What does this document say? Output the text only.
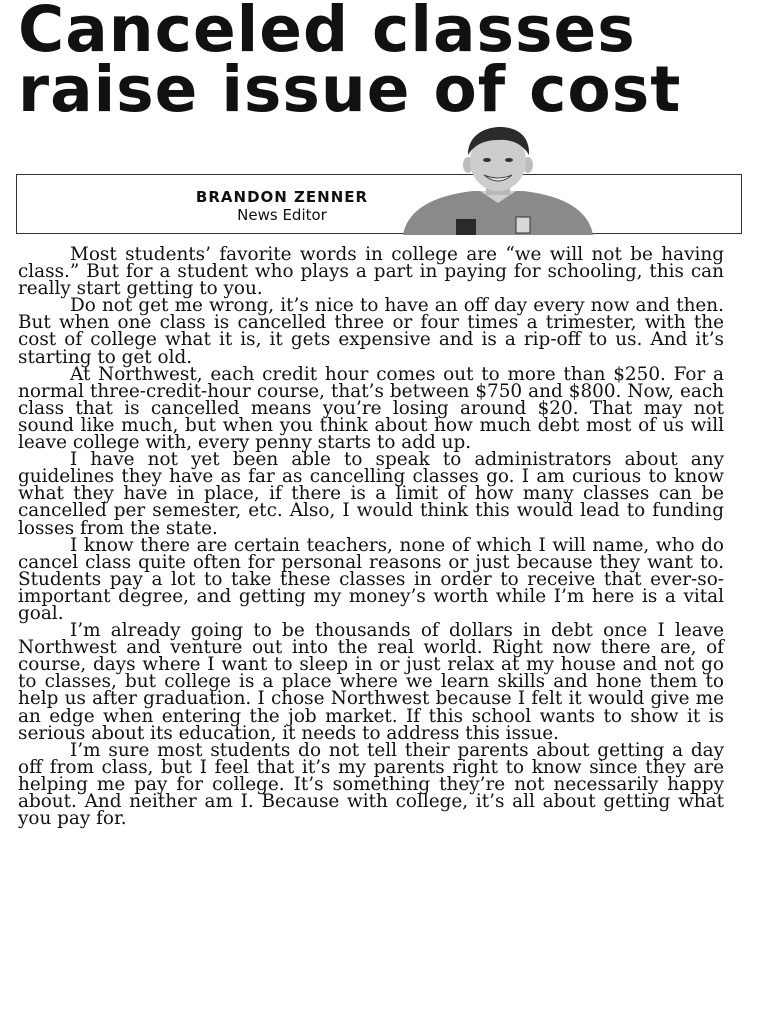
Canceled classes
raise issue of cost
BRANDON ZENNER
News Editor

Most students’ favorite words in college are “we will not be having class.” But for a student who plays a part in paying for schooling, this can really start getting to you.

Do not get me wrong, it’s nice to have an off day every now and then. But when one class is cancelled three or four times a trimester, with the cost of college what it is, it gets expensive and is a rip-off to us. And it’s starting to get old.

At Northwest, each credit hour comes out to more than $250. For a normal three-credit-hour course, that’s between $750 and $800. Now, each class that is cancelled means you’re losing around $20. That may not sound like much, but when you think about how much debt most of us will leave college with, every penny starts to add up.

I have not yet been able to speak to administrators about any guidelines they have as far as cancelling classes go. I am curious to know what they have in place, if there is a limit of how many classes can be cancelled per semester, etc. Also, I would think this would lead to funding losses from the state.

I know there are certain teachers, none of which I will name, who do cancel class quite often for personal reasons or just because they want to. Students pay a lot to take these classes in order to receive that ever-so-important degree, and getting my money’s worth while I’m here is a vital goal.

I’m already going to be thousands of dollars in debt once I leave Northwest and venture out into the real world. Right now there are, of course, days where I want to sleep in or just relax at my house and not go to classes, but college is a place where we learn skills and hone them to help us after graduation. I chose Northwest because I felt it would give me an edge when entering the job market. If this school wants to show it is serious about its education, it needs to address this issue.

I’m sure most students do not tell their parents about getting a day off from class, but I feel that it’s my parents right to know since they are helping me pay for college. It’s something they’re not necessarily happy about. And neither am I. Because with college, it’s all about getting what you pay for.
